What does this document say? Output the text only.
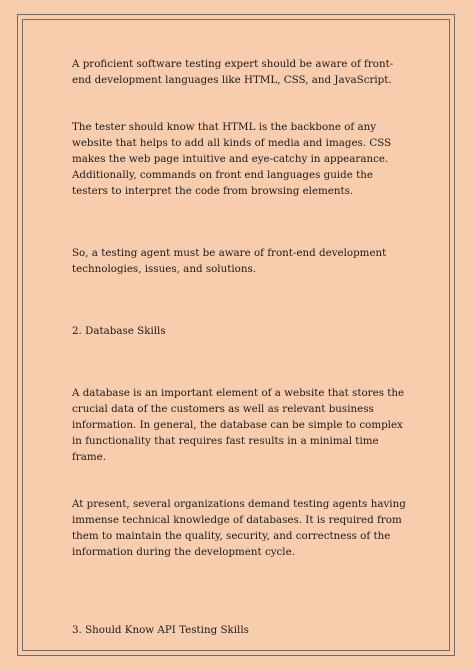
A proficient software testing expert should be aware of front-end development languages like HTML, CSS, and JavaScript.

The tester should know that HTML is the backbone of any website that helps to add all kinds of media and images. CSS makes the web page intuitive and eye-catchy in appearance. Additionally, commands on front end languages guide the testers to interpret the code from browsing elements.

So, a testing agent must be aware of front-end development technologies, issues, and solutions.

2. Database Skills

A database is an important element of a website that stores the crucial data of the customers as well as relevant business information. In general, the database can be simple to complex in functionality that requires fast results in a minimal time frame.

At present, several organizations demand testing agents having immense technical knowledge of databases. It is required from them to maintain the quality, security, and correctness of the information during the development cycle.

3. Should Know API Testing Skills
